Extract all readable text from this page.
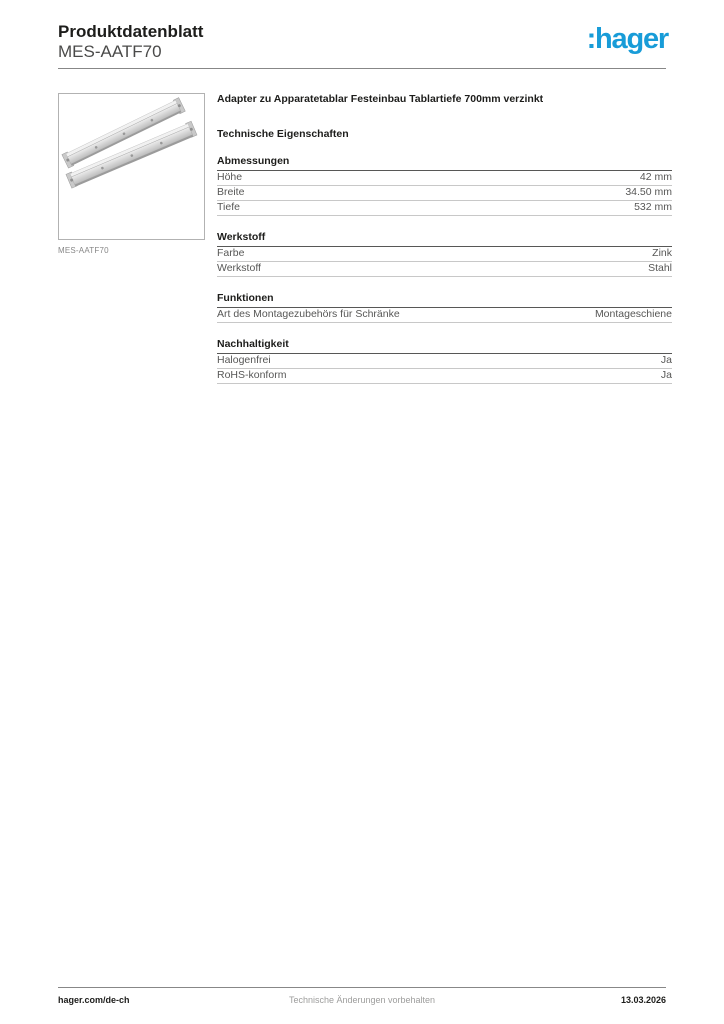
Produktdatenblatt
MES-AATF70	:hager
MES-AATF70
Adapter zu Apparatetablar Festeinbau Tablartiefe 700mm verzinkt
Technische Eigenschaften
Abmessungen
Höhe	42 mm
Breite	34.50 mm
Tiefe	532 mm
Werkstoff
Farbe	Zink
Werkstoff	Stahl
Funktionen
Art des Montagezubehörs für Schränke	Montageschiene
Nachhaltigkeit
Halogenfrei	Ja
RoHS-konform	Ja
hager.com/de-ch	Technische Änderungen vorbehalten	13.03.2026
